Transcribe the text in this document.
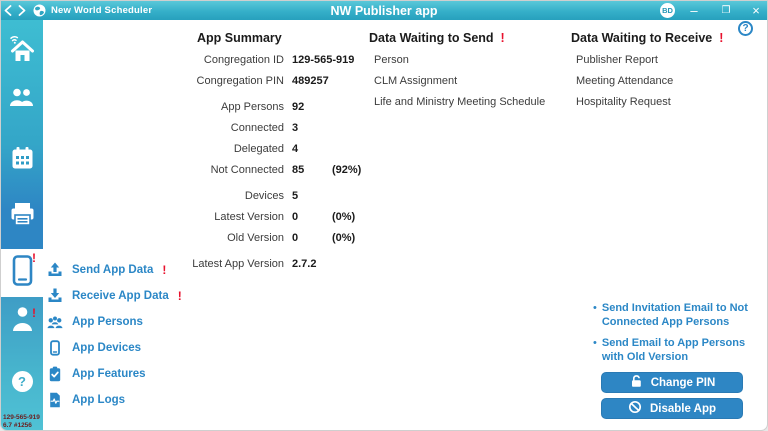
New World Scheduler	NW Publisher app	BD	–	❐	×
!
!
?
129-565-919
6.7 #1256
App Summary
Congregation ID 129-565-919
Congregation PIN 489257
App Persons 92
Connected 3
Delegated 4
Not Connected 85	(92%)
Devices 5
Latest Version 0	(0%)
Old Version 0	(0%)
Latest App Version 2.7.2
Data Waiting to Send !
Person
CLM Assignment
Life and Ministry Meeting Schedule
Data Waiting to Receive !
Publisher Report
Meeting Attendance
Hospitality Request
?
Send App Data !
Receive App Data !
App Persons
App Devices
App Features
App Logs
• Send Invitation Email to Not Connected App Persons
• Send Email to App Persons with Old Version
Change PIN
Disable App
